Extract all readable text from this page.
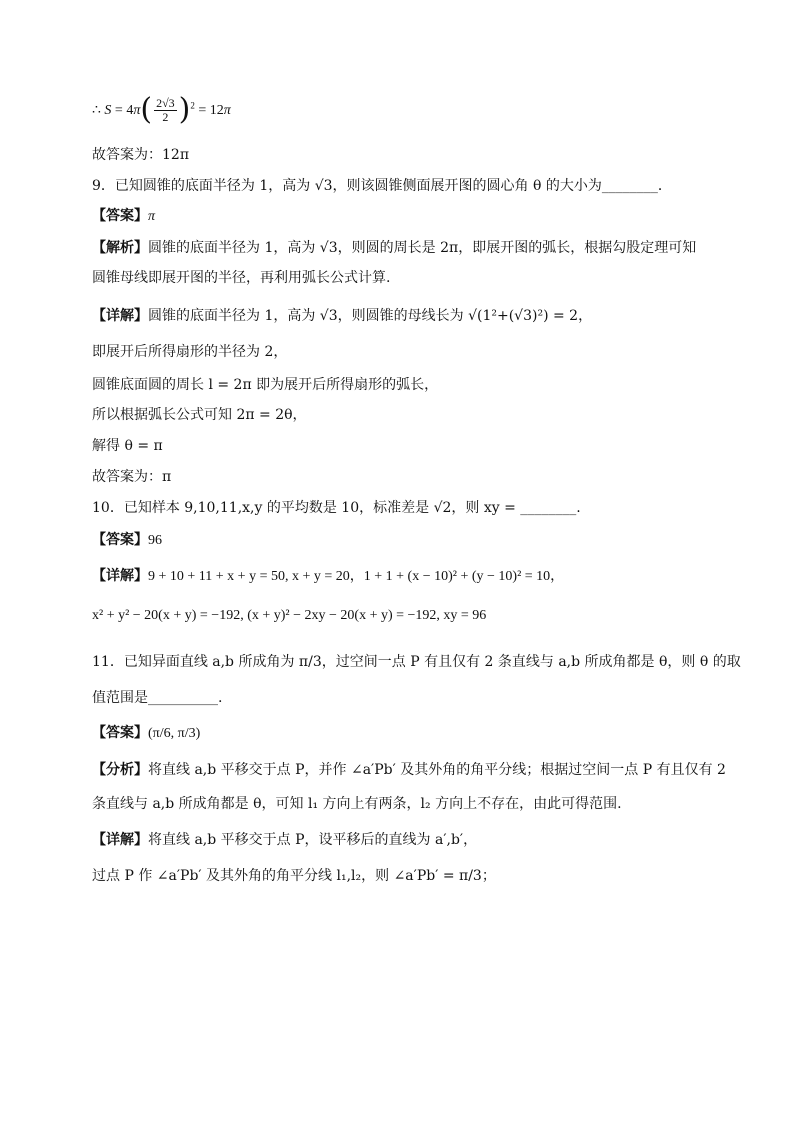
∴ $S = 4\pi( \frac{2√3}{2} )^2 = 12\pi$
故答案为：12π
9．已知圆锥的底面半径为 1，高为 √3，则该圆锥侧面展开图的圆心角 θ 的大小为________．
【答案】π
【解析】圆锥的底面半径为 1，高为 √3，则圆的周长是 2π，即展开图的弧长，根据勾股定理可知
圆锥母线即展开图的半径，再利用弧长公式计算.
【详解】圆锥的底面半径为 1，高为 √3，则圆锥的母线长为 √(1²+(√3)²) = 2，
即展开后所得扇形的半径为 2，
圆锥底面圆的周长 l = 2π 即为展开后所得扇形的弧长，
所以根据弧长公式可知 2π = 2θ，
解得 θ = π
故答案为：π
10．已知样本 9,10,11,x,y 的平均数是 10，标准差是 √2，则 xy = ________.
【答案】96
【详解】9 + 10 + 11 + x + y = 50, x + y = 20，1 + 1 + (x − 10)² + (y − 10)² = 10，
x² + y² − 20(x + y) = −192, (x + y)² − 2xy − 20(x + y) = −192, xy = 96
11．已知异面直线 a,b 所成角为 π/3，过空间一点 P 有且仅有 2 条直线与 a,b 所成角都是 θ，则 θ 的取
值范围是__________.
【答案】(π/6, π/3)
【分析】将直线 a,b 平移交于点 P，并作 ∠a′Pb′ 及其外角的角平分线；根据过空间一点 P 有且仅有 2
条直线与 a,b 所成角都是 θ，可知 l₁ 方向上有两条，l₂ 方向上不存在，由此可得范围.
【详解】将直线 a,b 平移交于点 P，设平移后的直线为 a′,b′，
过点 P 作 ∠a′Pb′ 及其外角的角平分线 l₁,l₂，则 ∠a′Pb′ = π/3；
